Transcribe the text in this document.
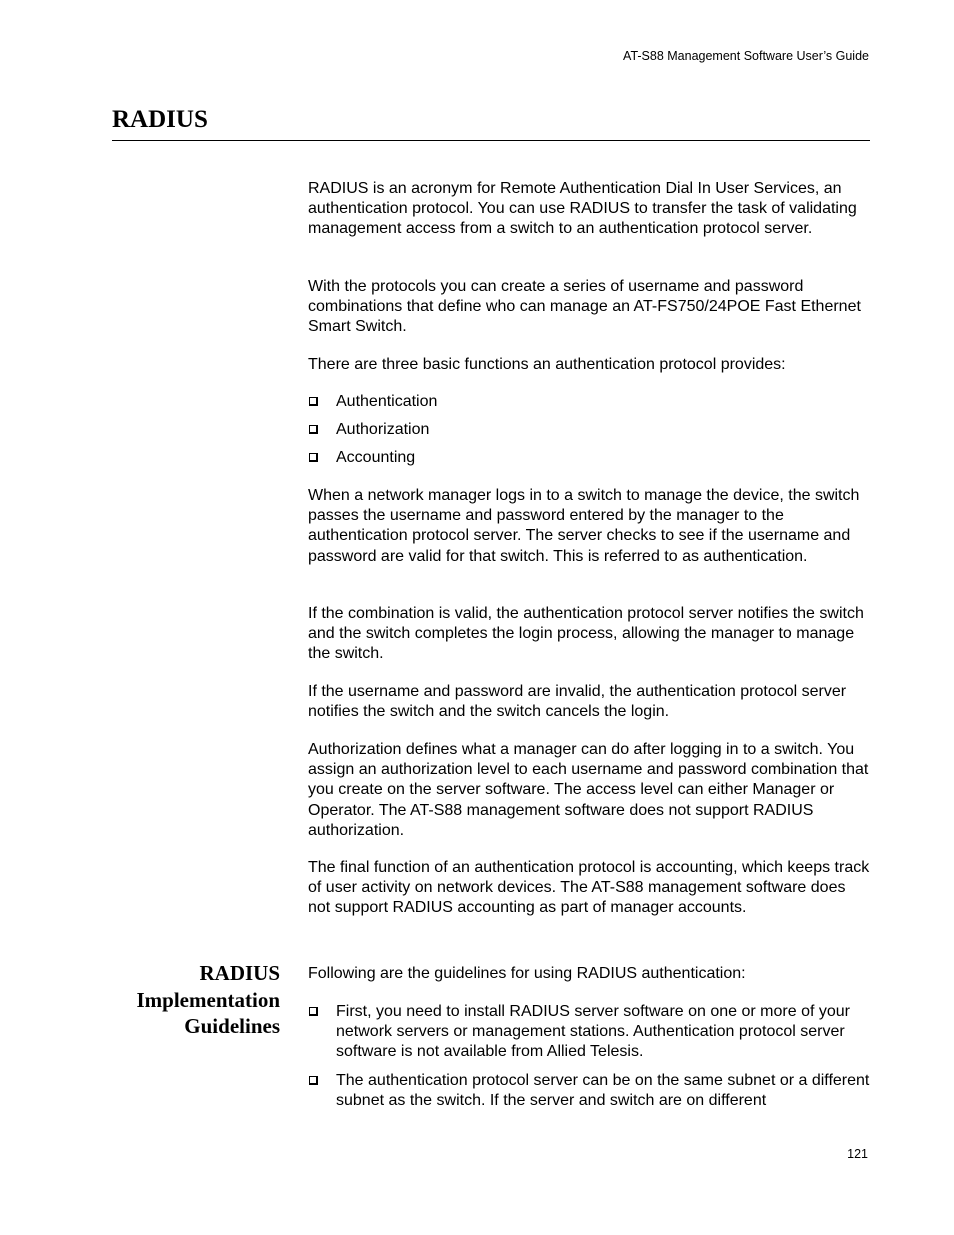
AT-S88 Management Software User’s Guide
RADIUS

RADIUS is an acronym for Remote Authentication Dial In User Services, an authentication protocol. You can use RADIUS to transfer the task of validating management access from a switch to an authentication protocol server.

With the protocols you can create a series of username and password combinations that define who can manage an AT-FS750/24POE Fast Ethernet Smart Switch.

There are three basic functions an authentication protocol provides:

Authentication
Authorization
Accounting

When a network manager logs in to a switch to manage the device, the switch passes the username and password entered by the manager to the authentication protocol server. The server checks to see if the username and password are valid for that switch. This is referred to as authentication.

If the combination is valid, the authentication protocol server notifies the switch and the switch completes the login process, allowing the manager to manage the switch.

If the username and password are invalid, the authentication protocol server notifies the switch and the switch cancels the login.

Authorization defines what a manager can do after logging in to a switch. You assign an authorization level to each username and password combination that you create on the server software. The access level can either Manager or Operator. The AT-S88 management software does not support RADIUS authorization.

The final function of an authentication protocol is accounting, which keeps track of user activity on network devices. The AT-S88 management software does not support RADIUS accounting as part of manager accounts.

RADIUS
Implementation
Guidelines

Following are the guidelines for using RADIUS authentication:

First, you need to install RADIUS server software on one or more of your network servers or management stations. Authentication protocol server software is not available from Allied Telesis.
The authentication protocol server can be on the same subnet or a different subnet as the switch. If the server and switch are on different
121
